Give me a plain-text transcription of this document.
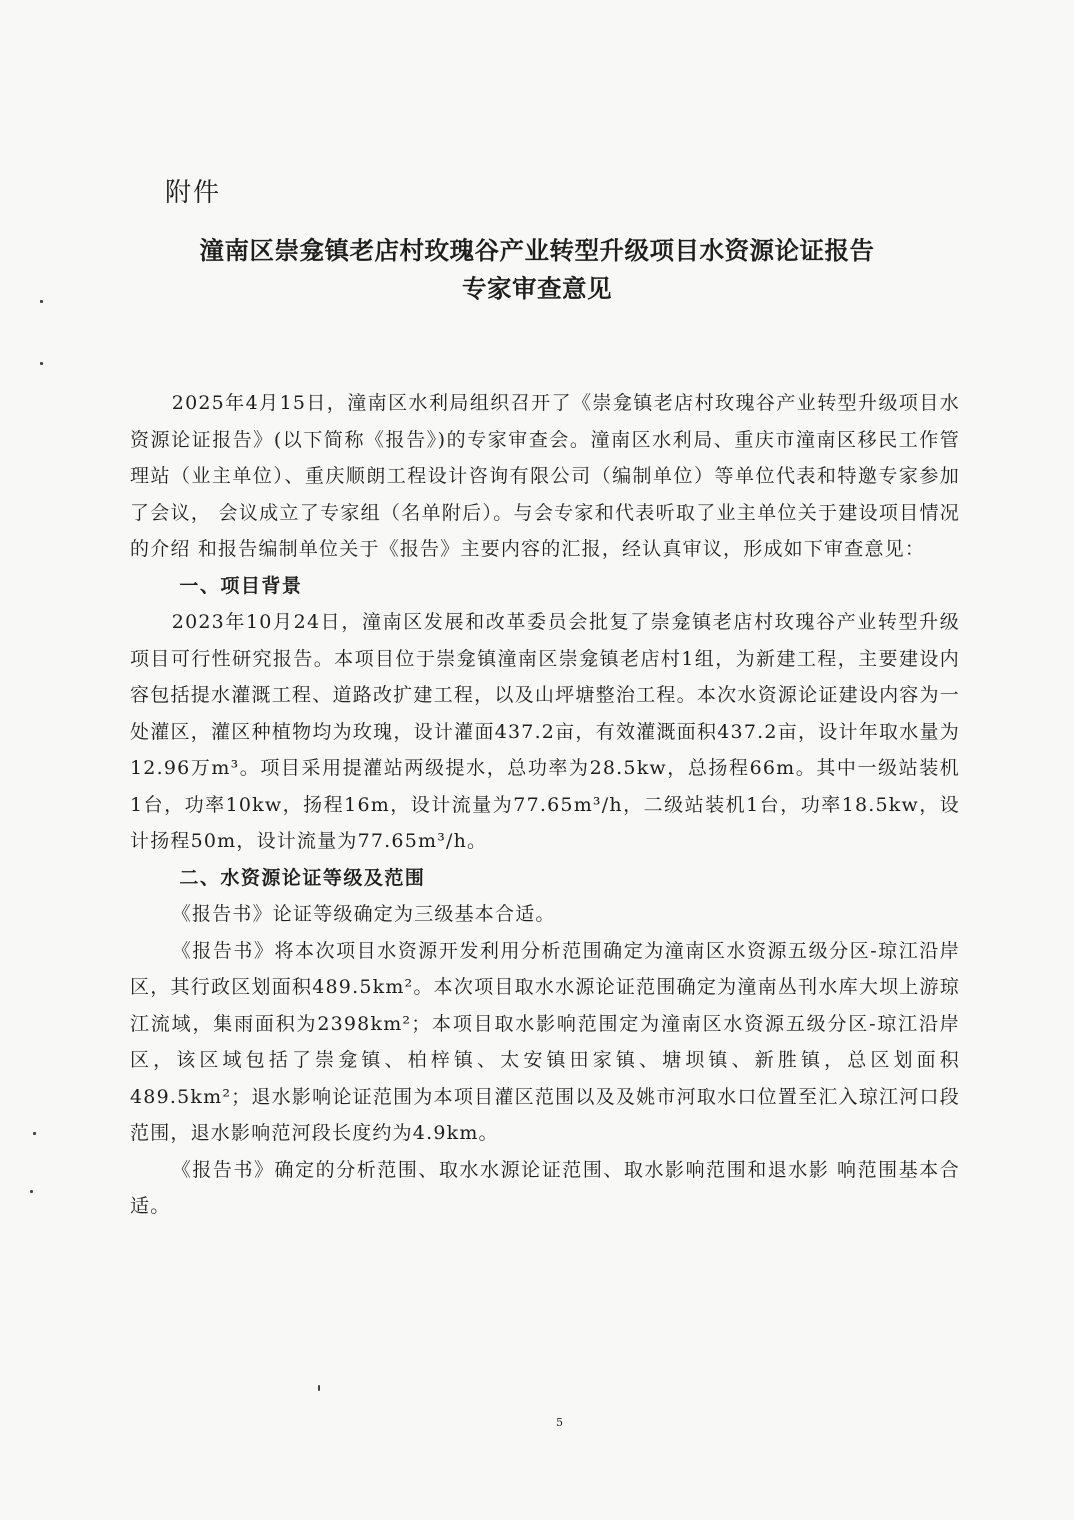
附件
潼南区崇龛镇老店村玫瑰谷产业转型升级项目水资源论证报告
专家审查意见

2025年4月15日，潼南区水利局组织召开了《崇龛镇老店村玫瑰谷产业转型升级项目水资源论证报告》(以下简称《报告》)的专家审查会。潼南区水利局、重庆市潼南区移民工作管理站（业主单位）、重庆顺朗工程设计咨询有限公司（编制单位）等单位代表和特邀专家参加了会议， 会议成立了专家组（名单附后）。与会专家和代表听取了业主单位关于建设项目情况的介绍 和报告编制单位关于《报告》主要内容的汇报，经认真审议，形成如下审查意见：

一、项目背景

2023年10月24日，潼南区发展和改革委员会批复了崇龛镇老店村玫瑰谷产业转型升级项目可行性研究报告。本项目位于崇龛镇潼南区崇龛镇老店村1组，为新建工程，主要建设内容包括提水灌溉工程、道路改扩建工程，以及山坪塘整治工程。本次水资源论证建设内容为一处灌区，灌区种植物均为玫瑰，设计灌面437.2亩，有效灌溉面积437.2亩，设计年取水量为12.96万m³。项目采用提灌站两级提水，总功率为28.5kw，总扬程66m。其中一级站装机1台，功率10kw，扬程16m，设计流量为77.65m³/h，二级站装机1台，功率18.5kw，设计扬程50m，设计流量为77.65m³/h。

二、水资源论证等级及范围

《报告书》论证等级确定为三级基本合适。

《报告书》将本次项目水资源开发利用分析范围确定为潼南区水资源五级分区-琼江沿岸区，其行政区划面积489.5km²。本次项目取水水源论证范围确定为潼南丛刊水库大坝上游琼江流域，集雨面积为2398km²；本项目取水影响范围定为潼南区水资源五级分区-琼江沿岸区，该区域包括了崇龛镇、柏梓镇、太安镇田家镇、塘坝镇、新胜镇，总区划面积489.5km²；退水影响论证范围为本项目灌区范围以及及姚市河取水口位置至汇入琼江河口段范围，退水影响范河段长度约为4.9km。

《报告书》确定的分析范围、取水水源论证范围、取水影响范围和退水影 响范围基本合适。

5
